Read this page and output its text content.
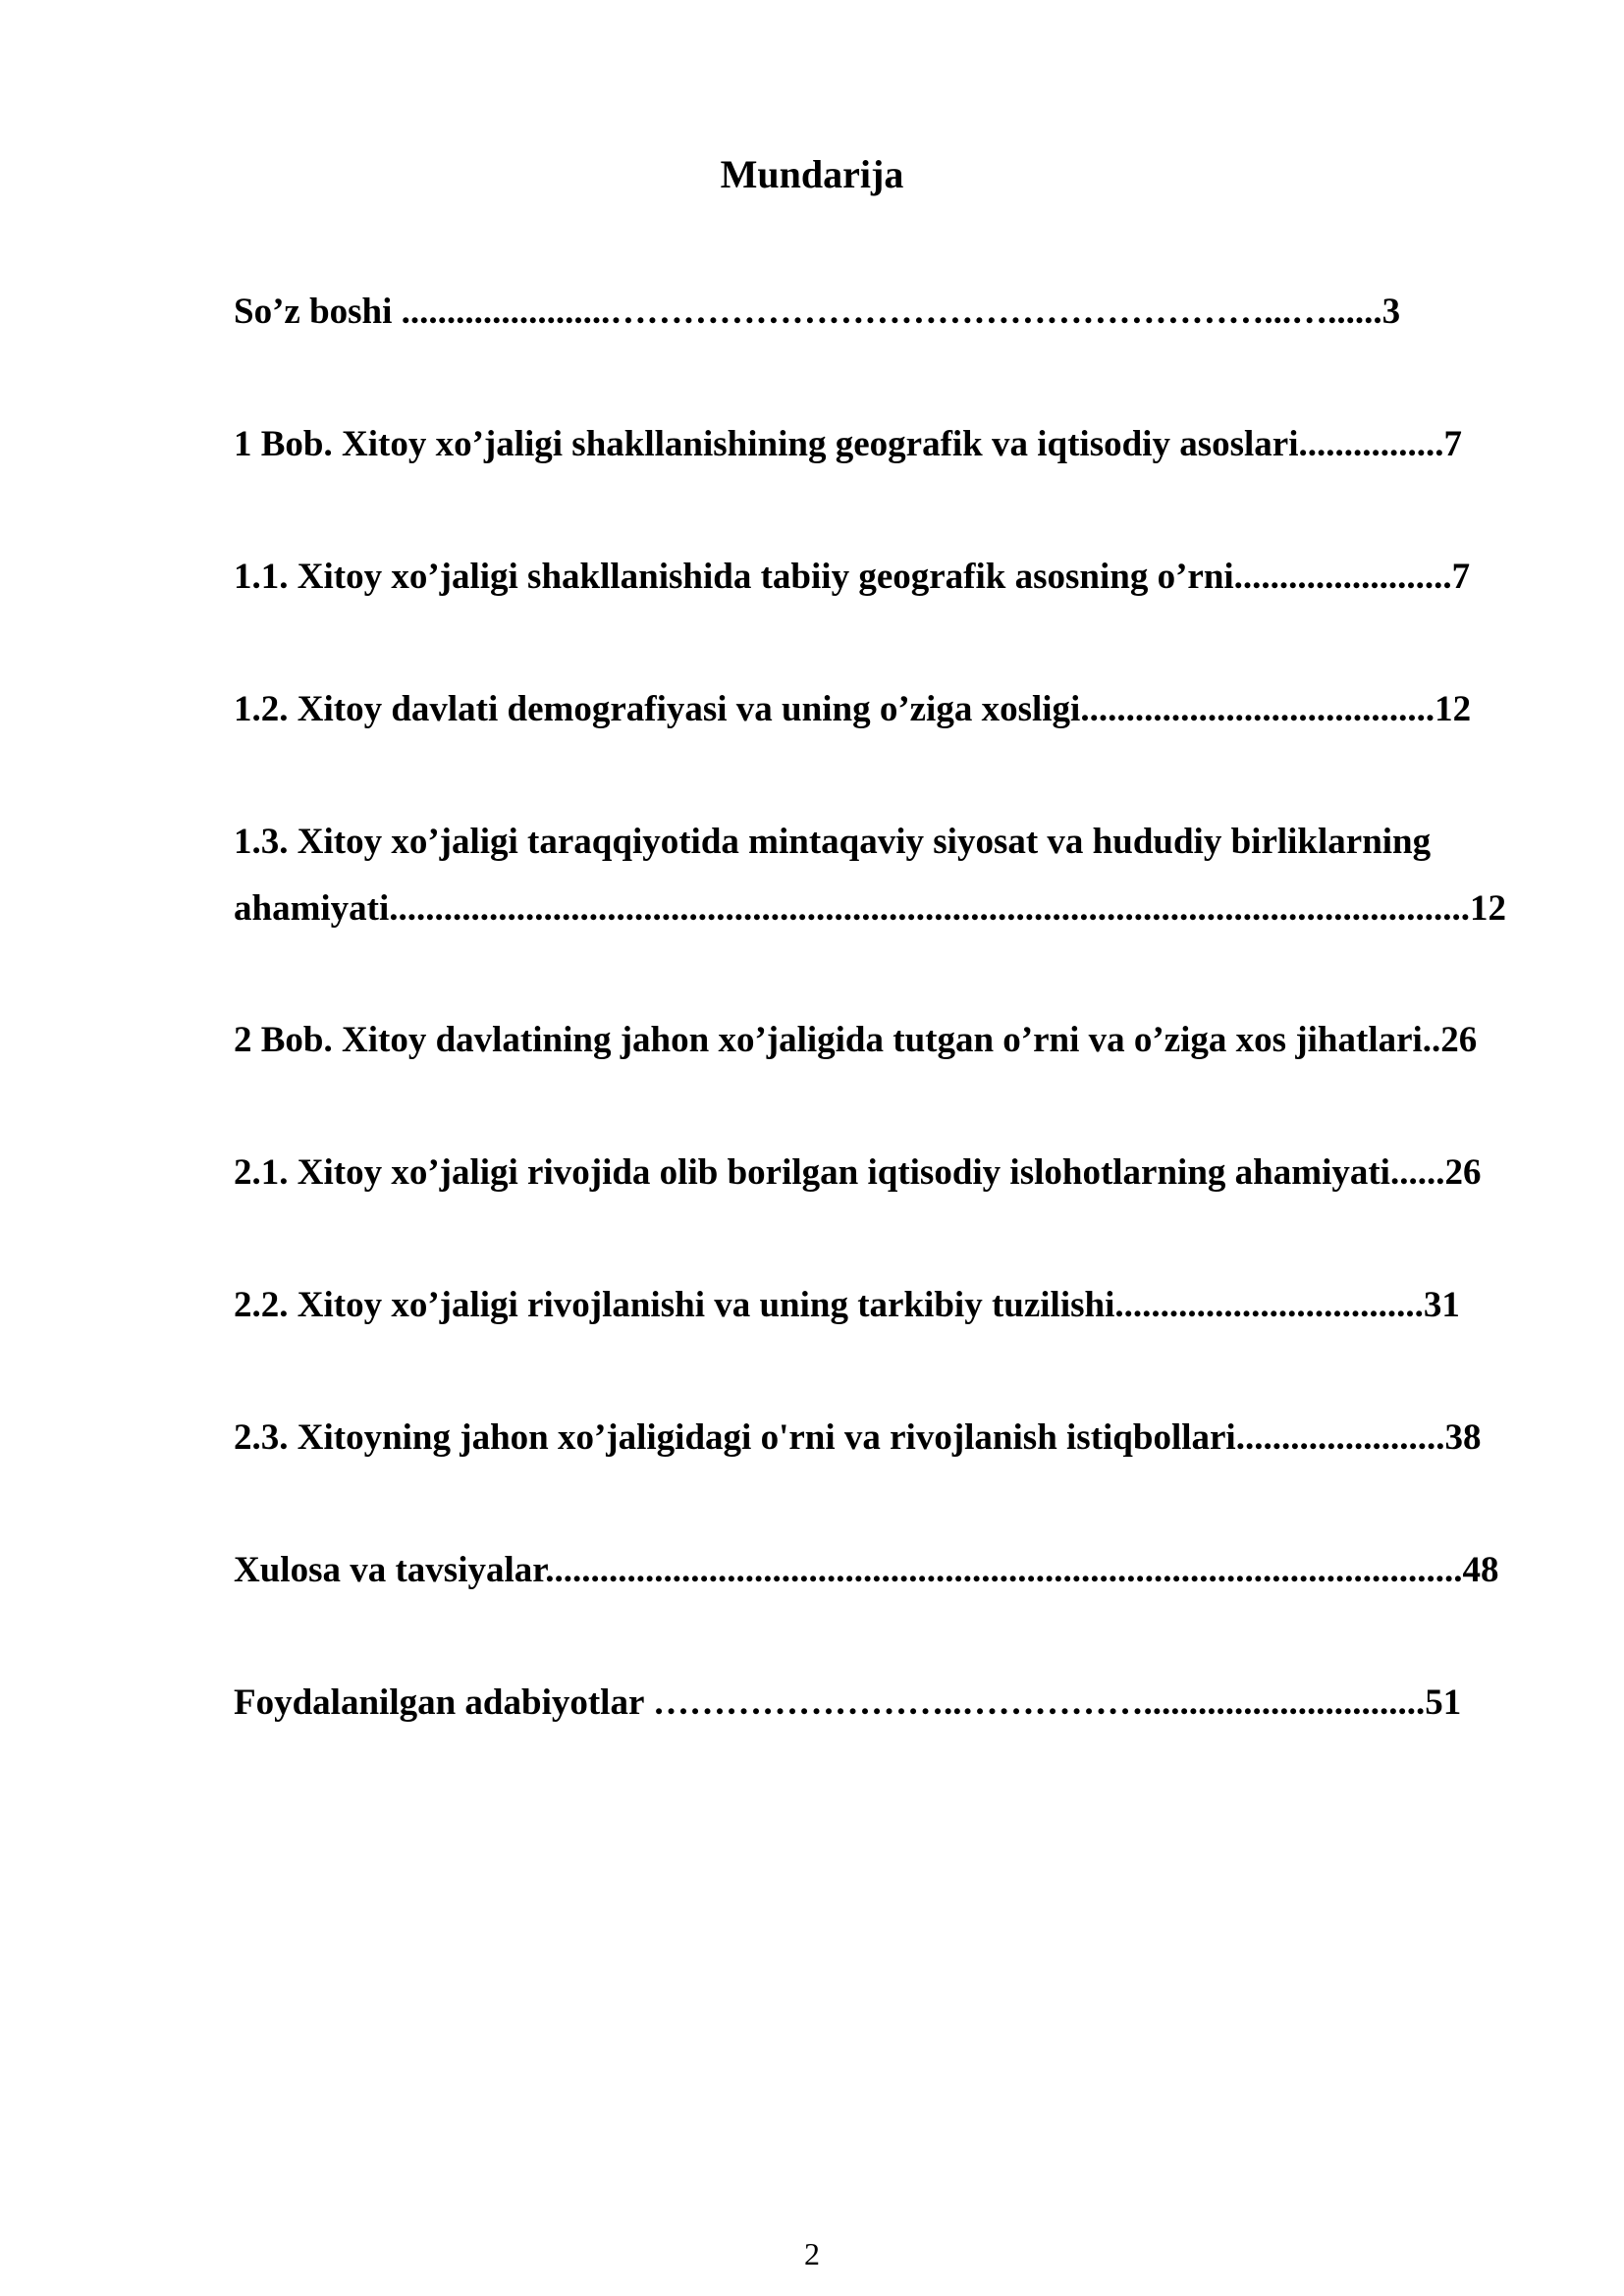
Mundarija
So’z boshi .......................………………………………………………...…......3
1 Bob. Xitoy xo’jaligi shakllanishining geografik va iqtisodiy asoslari................7
1.1. Xitoy xo’jaligi shakllanishida tabiiy geografik asosning o’rni........................7
1.2. Xitoy davlati demografiyasi va uning o’ziga xosligi.......................................12
1.3. Xitoy xo’jaligi taraqqiyotida mintaqaviy siyosat va hududiy birliklarning
ahamiyati.......................................................................................................................12
2 Bob. Xitoy davlatining jahon xo’jaligida tutgan o’rni va o’ziga xos jihatlari..26
2.1. Xitoy xo’jaligi rivojida olib borilgan iqtisodiy islohotlarning ahamiyati......26
2.2. Xitoy xo’jaligi rivojlanishi va uning tarkibiy tuzilishi..................................31
2.3. Xitoyning jahon xo’jaligidagi o'rni va rivojlanish istiqbollari.......................38
Xulosa va tavsiyalar.....................................................................................................48
Foydalanilgan adabiyotlar ……………………..……………...............................51
2
